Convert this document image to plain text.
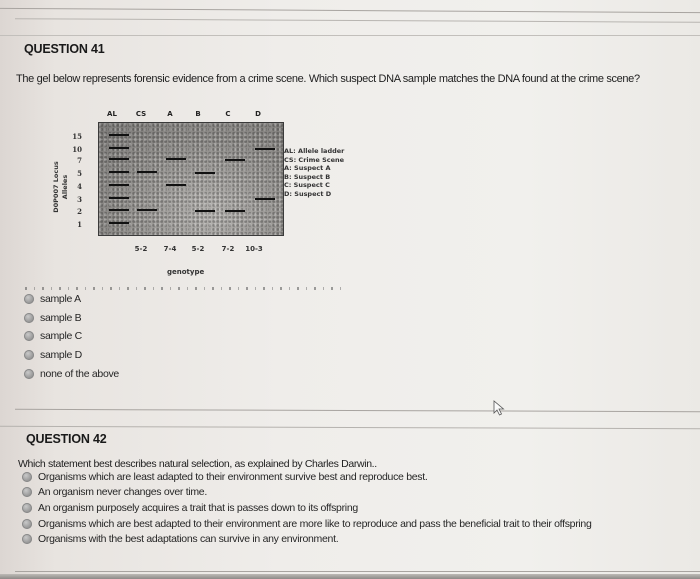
QUESTION 41
The gel below represents forensic evidence from a crime scene. Which suspect DNA sample matches the DNA found at the crime scene?
AL	CS	A	B	C	D
D0P007 Locus Alleles
15
10
7
5
4
3
2
1
5-2	7-4	5-2	7-2	10-3
genotype
AL: Allele ladder
CS: Crime Scene
A: Suspect A
B: Suspect B
C: Suspect C
D: Suspect D
sample A
sample B
sample C
sample D
none of the above
QUESTION 42
Which statement best describes natural selection, as explained by Charles Darwin..
Organisms which are least adapted to their environment survive best and reproduce best.
An organism never changes over time.
An organism purposely acquires a trait that is passes down to its offspring
Organisms which are best adapted to their environment are more like to reproduce and pass the beneficial trait to their offspring
Organisms with the best adaptations can survive in any environment.
